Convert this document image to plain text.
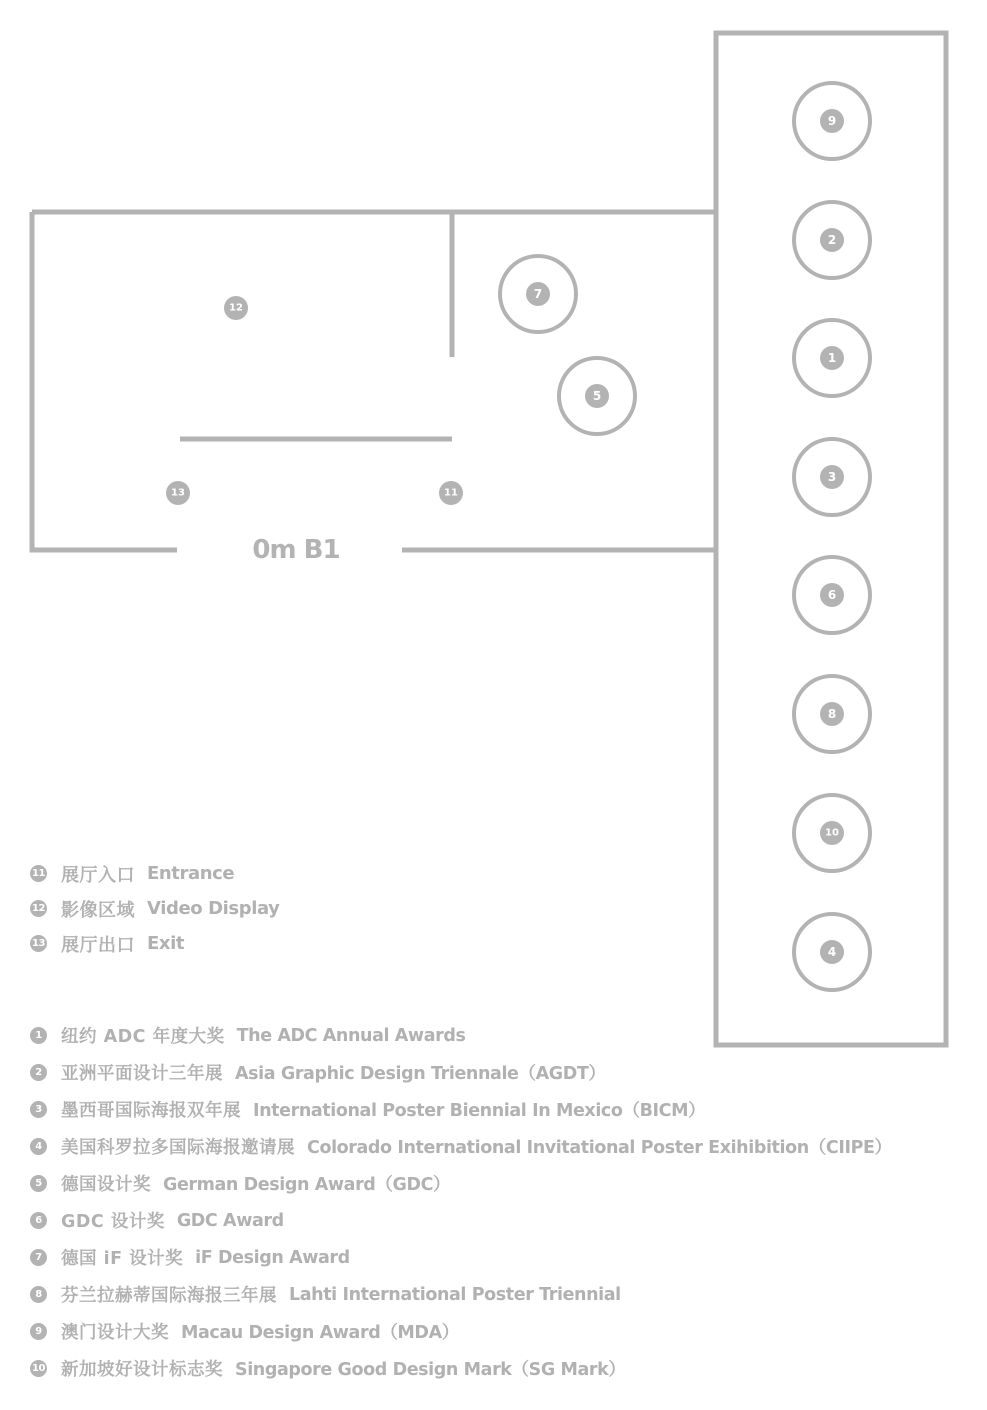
9
2
1
3
6
8
10
4
7
5
12
13	11
0m B1
11 展厅入口 Entrance
12 影像区域 Video Display
13 展厅出口 Exit
1	纽约 ADC 年度大奖 The ADC Annual Awards
2	亚洲平面设计三年展 Asia Graphic Design Triennale（AGDT）
3	墨西哥国际海报双年展 International Poster Biennial In Mexico（BICM）
4	美国科罗拉多国际海报邀请展 Colorado International Invitational Poster Exihibition（CIIPE）
5	德国设计奖 German Design Award（GDC）
6	GDC 设计奖 GDC Award
7	德国 iF 设计奖 iF Design Award
8	芬兰拉赫蒂国际海报三年展 Lahti International Poster Triennial
9	澳门设计大奖 Macau Design Award（MDA）
10 新加坡好设计标志奖 Singapore Good Design Mark（SG Mark）
